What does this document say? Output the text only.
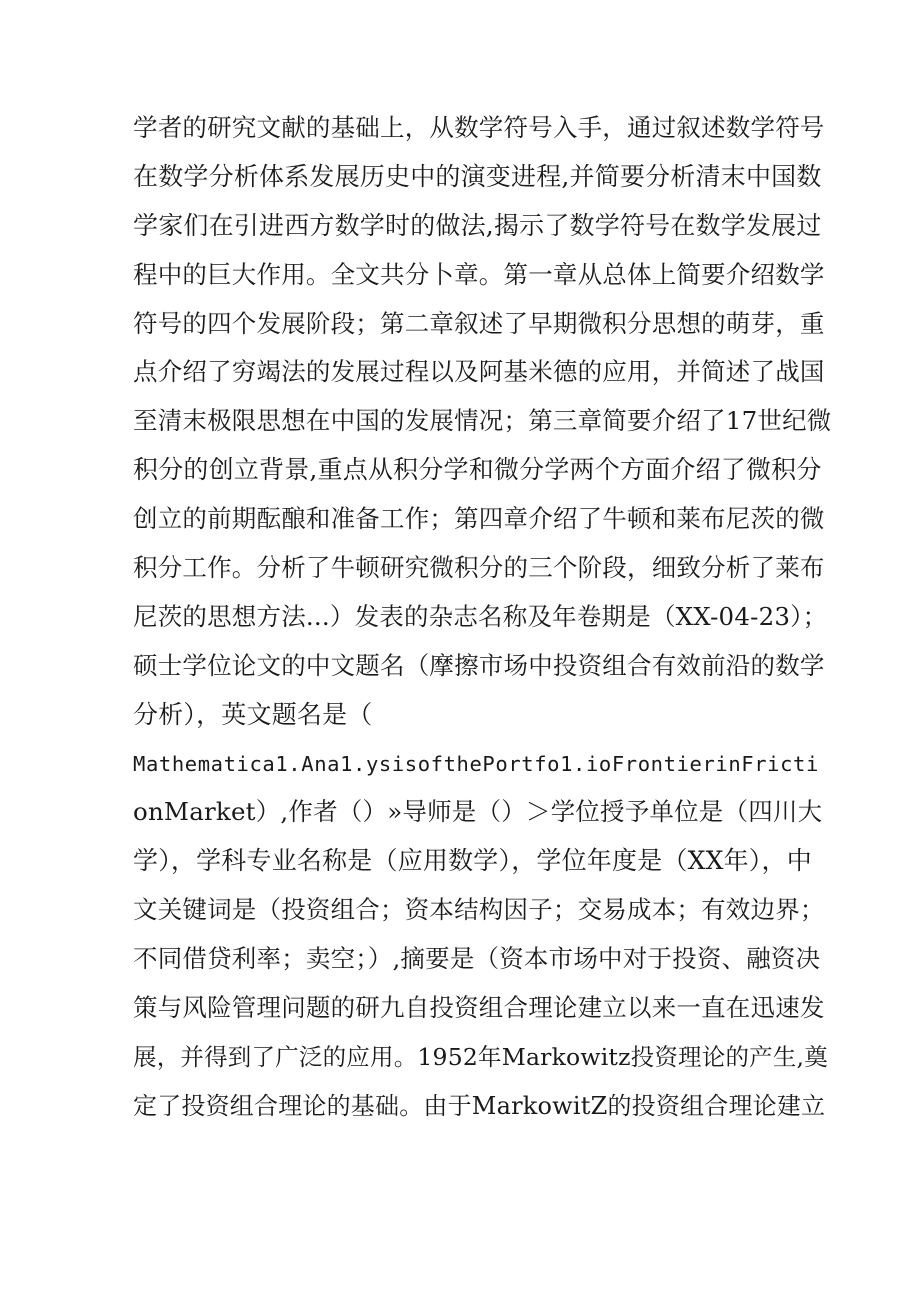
学者的研究文献的基础上，从数学符号入手，通过叙述数学符号
在数学分析体系发展历史中的演变进程,并简要分析清末中国数
学家们在引进西方数学时的做法,揭示了数学符号在数学发展过
程中的巨大作用。全文共分卜章。第一章从总体上简要介绍数学
符号的四个发展阶段；第二章叙述了早期微积分思想的萌芽，重
点介绍了穷竭法的发展过程以及阿基米德的应用，并简述了战国
至清末极限思想在中国的发展情况；第三章简要介绍了17世纪微
积分的创立背景,重点从积分学和微分学两个方面介绍了微积分
创立的前期酝酿和准备工作；第四章介绍了牛顿和莱布尼茨的微
积分工作。分析了牛顿研究微积分的三个阶段，细致分析了莱布
尼茨的思想方法...）发表的杂志名称及年卷期是（XX-04-23）；
硕士学位论文的中文题名（摩擦市场中投资组合有效前沿的数学
分析），英文题名是（
Mathematica1.Ana1.ysisofthePortfo1.ioFrontierinFricti
onMarket）,作者（）»导师是（）＞学位授予单位是（四川大
学），学科专业名称是（应用数学），学位年度是（XX年），中
文关键词是（投资组合；资本结构因子；交易成本；有效边界；
不同借贷利率；卖空；）,摘要是（资本市场中对于投资、融资决
策与风险管理问题的研九自投资组合理论建立以来一直在迅速发
展，并得到了广泛的应用。1952年Markowitz投资理论的产生,奠
定了投资组合理论的基础。由于MarkowitZ的投资组合理论建立
